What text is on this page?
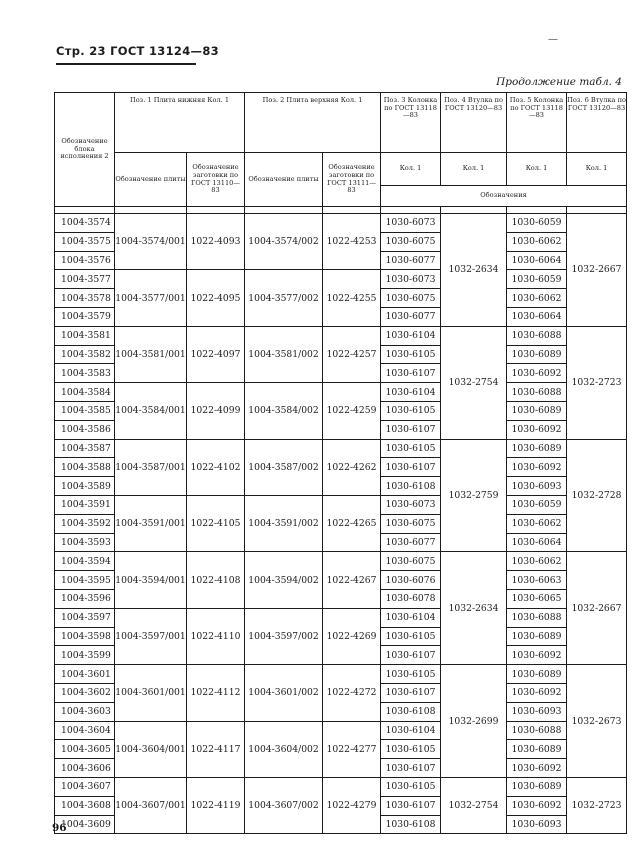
Стр. 23 ГОСТ 13124—83
—
Продолжение табл. 4
Обозначение блока исполнения 2	Поз. 1 Плита нижняя Кол. 1		Поз. 2 Плита верхняя Кол. 1		Поз. 3 Колонка по ГОСТ 13118—83	Поз. 4 Втулка по ГОСТ 13120—83	Поз. 5 Колонка по ГОСТ 13118—83	Поз. 6 Втулка по ГОСТ 13120—83
	Обозначение плиты	Обозначение заготовки по ГОСТ 13110—83	Обозначение плиты	Обозначение заготовки по ГОСТ 13111—83	Кол. 1	Кол. 1	Кол. 1	Кол. 1
					Обозначения			

1004-3574	1004-3574/001	1022-4093	1004-3574/002	1022-4253	1030-6073	1032-2634	1030-6059	1032-2667
1004-3575					1030-6075		1030-6062	
1004-3576					1030-6077		1030-6064	
1004-3577	1004-3577/001	1022-4095	1004-3577/002	1022-4255	1030-6073		1030-6059	
1004-3578					1030-6075		1030-6062	
1004-3579					1030-6077		1030-6064	
1004-3581	1004-3581/001	1022-4097	1004-3581/002	1022-4257	1030-6104	1032-2754	1030-6088	1032-2723
1004-3582					1030-6105		1030-6089	
1004-3583					1030-6107		1030-6092	
1004-3584	1004-3584/001	1022-4099	1004-3584/002	1022-4259	1030-6104		1030-6088	
1004-3585					1030-6105		1030-6089	
1004-3586					1030-6107		1030-6092	
1004-3587	1004-3587/001	1022-4102	1004-3587/002	1022-4262	1030-6105	1032-2759	1030-6089	1032-2728
1004-3588					1030-6107		1030-6092	
1004-3589					1030-6108		1030-6093	
1004-3591	1004-3591/001	1022-4105	1004-3591/002	1022-4265	1030-6073		1030-6059	
1004-3592					1030-6075		1030-6062	
1004-3593					1030-6077		1030-6064	
1004-3594	1004-3594/001	1022-4108	1004-3594/002	1022-4267	1030-6075	1032-2634	1030-6062	1032-2667
1004-3595					1030-6076		1030-6063	
1004-3596					1030-6078		1030-6065	
1004-3597	1004-3597/001	1022-4110	1004-3597/002	1022-4269	1030-6104		1030-6088	
1004-3598					1030-6105		1030-6089	
1004-3599					1030-6107		1030-6092	
1004-3601	1004-3601/001	1022-4112	1004-3601/002	1022-4272	1030-6105	1032-2699	1030-6089	1032-2673
1004-3602					1030-6107		1030-6092	
1004-3603					1030-6108		1030-6093	
1004-3604	1004-3604/001	1022-4117	1004-3604/002	1022-4277	1030-6104		1030-6088	
1004-3605					1030-6105		1030-6089	
1004-3606					1030-6107		1030-6092	
1004-3607	1004-3607/001	1022-4119	1004-3607/002	1022-4279	1030-6105	1032-2754	1030-6089	1032-2723
1004-3608					1030-6107		1030-6092	
1004-3609					1030-6108		1030-6093	
96
